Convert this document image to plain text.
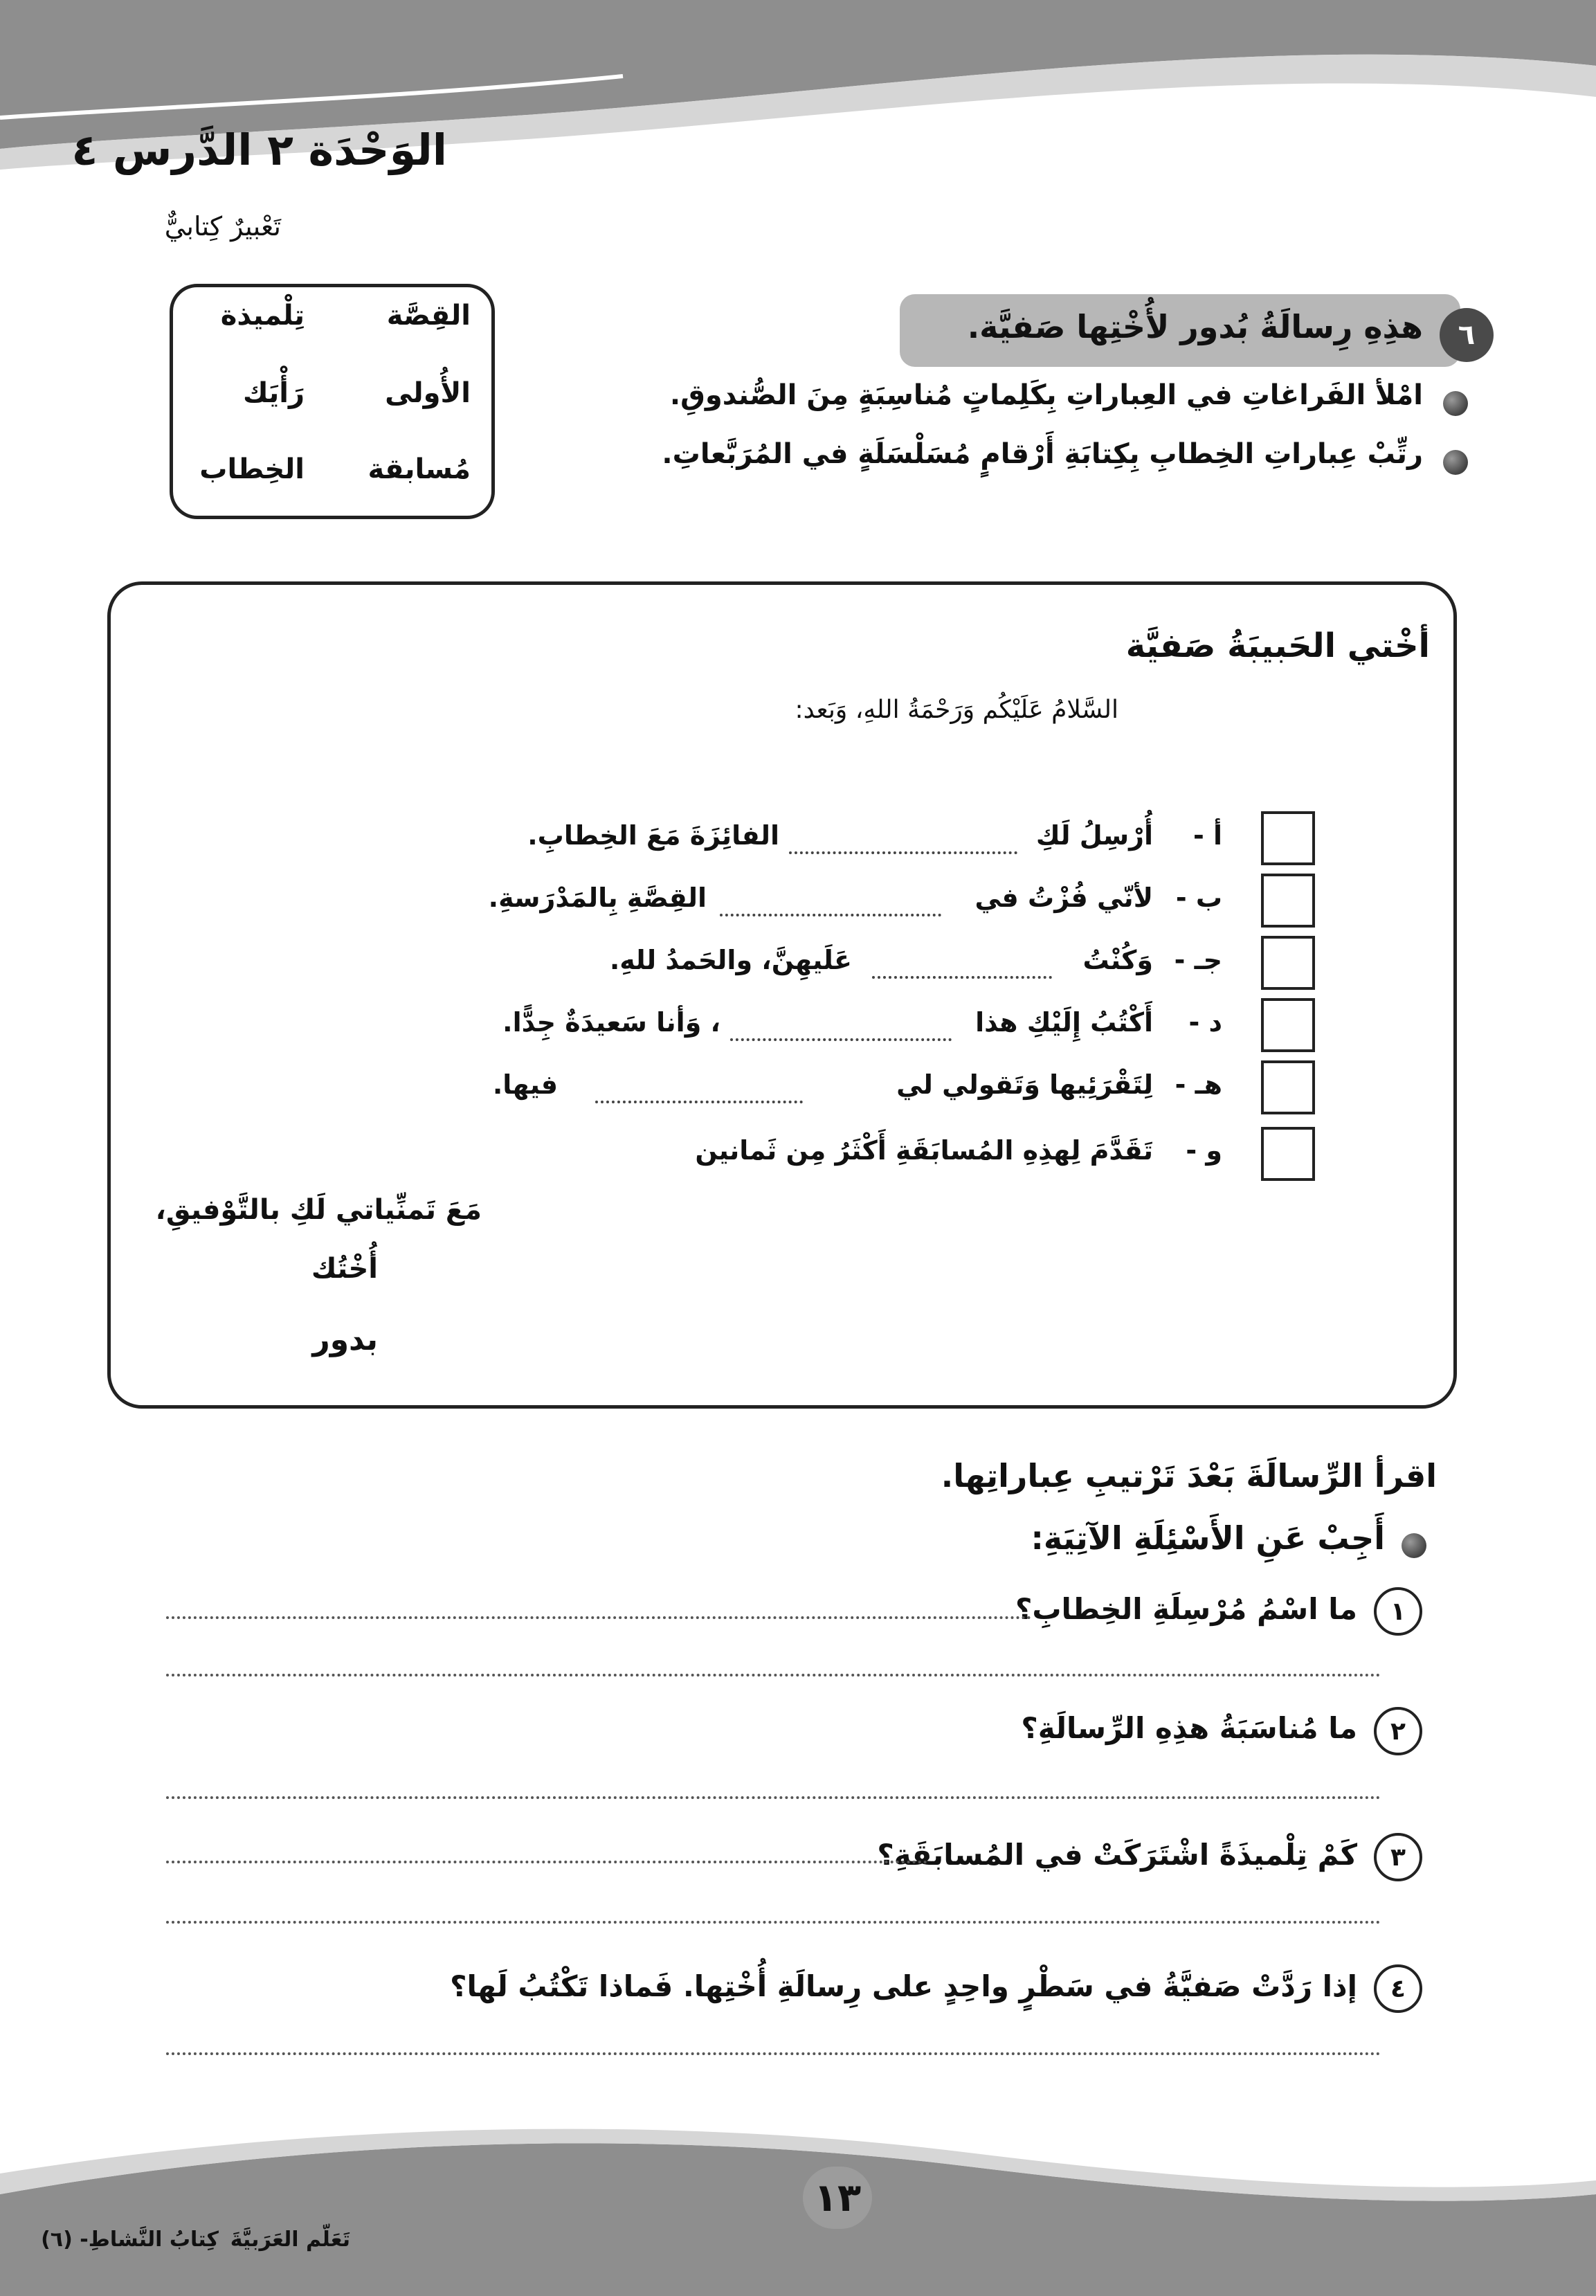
الوَحْدَة ٢ الدَّرس ٤
تَعْبيرٌ كِتابيٌّ
القِصَّة
تِلْميذة
الأُولى
رَأْيَك
مُسابقة
الخِطاب
٦
هذِهِ رِسالَةُ بُدور لأُخْتِها صَفيَّة.
امْلأ الفَراغاتِ في العِباراتِ بِكَلِماتٍ مُناسِبَةٍ مِنَ الصُّندوقِ.
رتِّبْ عِباراتِ الخِطابِ بِكِتابَةِ أَرْقامٍ مُسَلْسَلَةٍ في المُرَبَّعاتِ.
أخْتي الحَبيبَةُ صَفيَّة
السَّلامُ عَلَيْكُم وَرَحْمَةُ اللهِ، وَبَعد:
أ -
أُرْسِلُ لَكِ
الفائِزَةَ مَعَ الخِطابِ.
ب -
لأنّي فُزْتُ في
القِصَّةِ بِالمَدْرَسةِ.
جـ -
وَكُنْتُ
عَلَيهِنَّ، والحَمدُ للهِ.
د -
أَكْتُبُ إِلَيْكِ هذا
، وَأنا سَعيدَةٌ جِدًّا.
هـ -
لِتَقْرَئِيها وَتَقولي لي
فيها.
و -
تَقَدَّمَ لِهذِهِ المُسابَقَةِ أَكْثَرُ مِن ثَمانين
مَعَ تَمنِّياتي لَكِ بالتَّوْفيقِ،
أُخْتُك
بدور
اقرأ الرِّسالَةَ بَعْدَ تَرْتيبِ عِباراتِها.
أَجِبْ عَنِ الأَسْئِلَةِ الآتِيَةِ:
١
ما اسْمُ مُرْسِلَةِ الخِطابِ؟
٢
ما مُناسَبَةُ هذِهِ الرِّسالَةِ؟
٣
كَمْ تِلْميذَةً اشْتَرَكَتْ في المُسابَقَةِ؟
٤
إذا رَدَّتْ صَفيَّةُ في سَطْرٍ واحِدٍ على رِسالَةِ أُخْتِها. فَماذا تَكْتُبُ لَها؟
١٣
كِتابُ النَّشاطِ- (٦) تَعَلّم العَرَبيَّةَ
